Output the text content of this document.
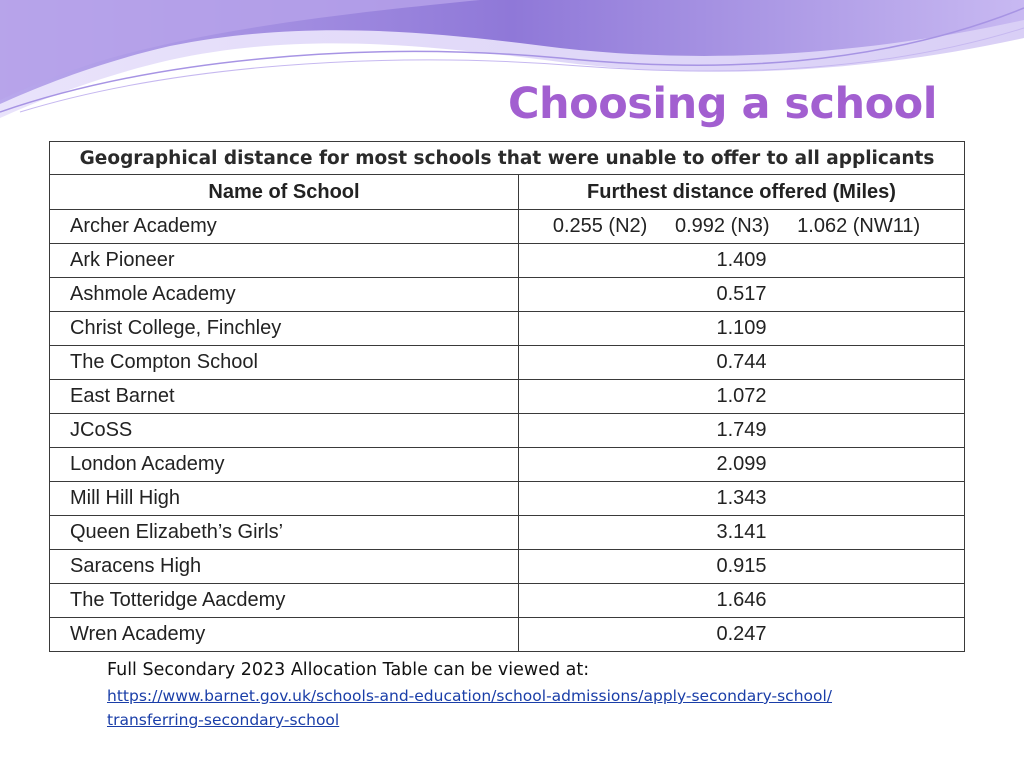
Choosing a school
Geographical distance for most schools that were unable to offer to all applicants	
Name of School	Furthest distance offered (Miles)
Archer Academy	0.255 (N2) 0.992 (N3) 1.062 (NW11)

Ark Pioneer	1.409
Ashmole Academy	0.517
Christ College, Finchley	1.109
The Compton School	0.744
East Barnet	1.072
JCoSS	1.749
London Academy	2.099
Mill Hill High	1.343
Queen Elizabeth’s Girls’	3.141
Saracens High	0.915
The Totteridge Aacdemy	1.646
Wren Academy	0.247

Full Secondary 2023 Allocation Table can be viewed at:

https://www.barnet.gov.uk/schools-and-education/school-admissions/apply-secondary-school/transferring-secondary-school
